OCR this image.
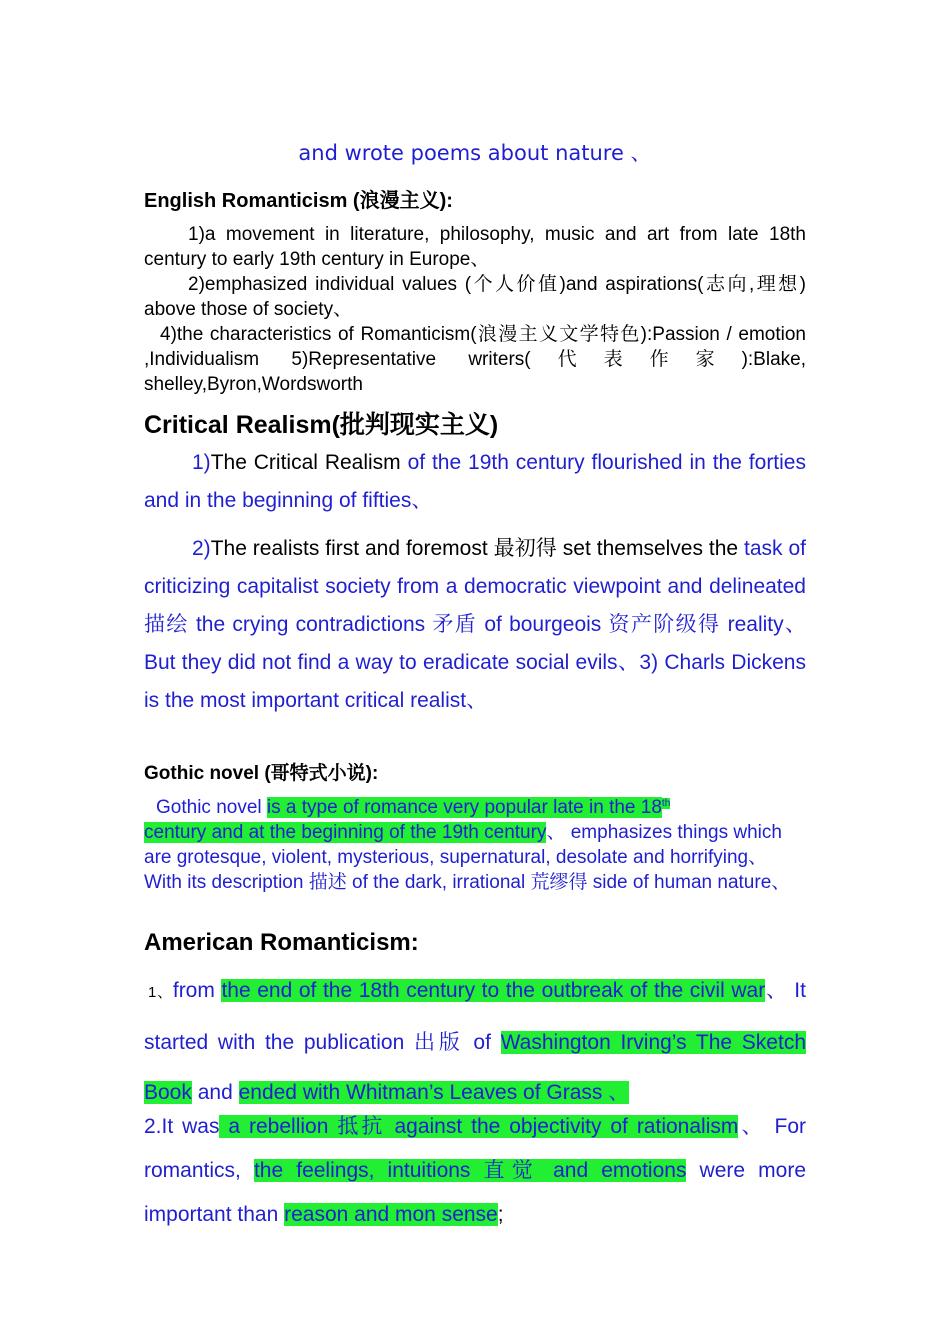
and wrote poems about nature 、

English Romanticism (浪漫主义):

1)a movement in literature, philosophy, music and art from late 18th century to early 19th century in Europe、

2)emphasized individual values (个人价值)and aspirations(志向,理想) above those of society、

4)the characteristics of Romanticism(浪漫主义文学特色):Passion / emotion ,Individualism 5)Representative writers(代表作家):Blake, shelley,Byron,Wordsworth

Critical Realism(批判现实主义)

1)The Critical Realism of the 19th century flourished in the forties and in the beginning of fifties、

2)The realists first and foremost 最初得 set themselves the task of criticizing capitalist society from a democratic viewpoint and delineated 描绘 the crying contradictions 矛盾 of bourgeois 资产阶级得 reality、 But they did not find a way to eradicate social evils、3) Charls Dickens is the most important critical realist、

Gothic novel (哥特式小说):

Gothic novel is a type of romance very popular late in the 18th
century and at the beginning of the 19th century、 emphasizes things which are grotesque, violent, mysterious, supernatural, desolate and horrifying、 With its description 描述 of the dark, irrational 荒缪得 side of human nature、

American Romanticism:

1、from the end of the 18th century to the outbreak of the civil war、 It started with the publication 出版 of Washington Irving’s The Sketch Book and ended with Whitman’s Leaves of Grass 、

2.It was a rebellion 抵抗 against the objectivity of rationalism、 For romantics, the feelings, intuitions 直觉 and emotions were more important than reason and mon sense;
